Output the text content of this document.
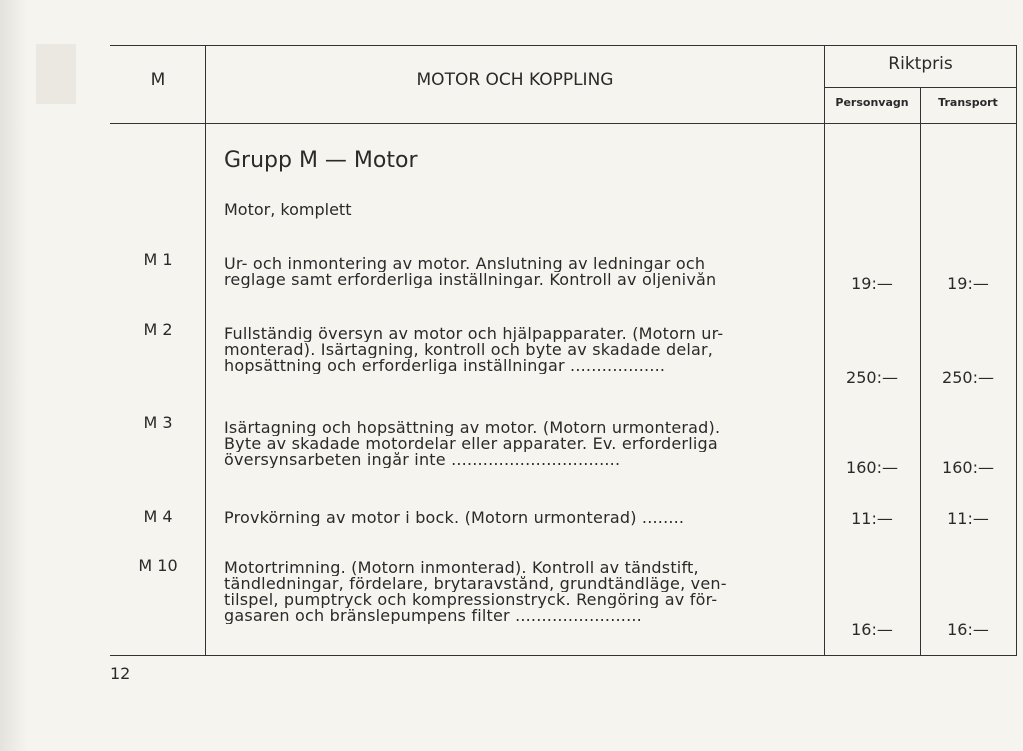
M	MOTOR OCH KOPPLING
Riktpris
Personvagn	Transport
Grupp M — Motor
Motor, komplett
M 1	Ur- och inmontering av motor. Anslutning av ledningar och
reglage samt erforderliga inställningar. Kontroll av oljenivån	19:—	19:—
M 2	Fullständig översyn av motor och hjälpapparater. (Motorn ur-
monterad). Isärtagning, kontroll och byte av skadade delar,
hopsättning och erforderliga inställningar ..................
250:—	250:—
M 3	Isärtagning och hopsättning av motor. (Motorn urmonterad).
Byte av skadade motordelar eller apparater. Ev. erforderliga
översynsarbeten ingår inte ................................	160:—	160:—
M 4	Provkörning av motor i bock. (Motorn urmonterad) ........	11:—	11:—
M 10	Motortrimning. (Motorn inmonterad). Kontroll av tändstift,
tändledningar, fördelare, brytaravstånd, grundtändläge, ven-
tilspel, pumptryck och kompressionstryck. Rengöring av för-
gasaren och bränslepumpens filter ........................
16:—	16:—
12
